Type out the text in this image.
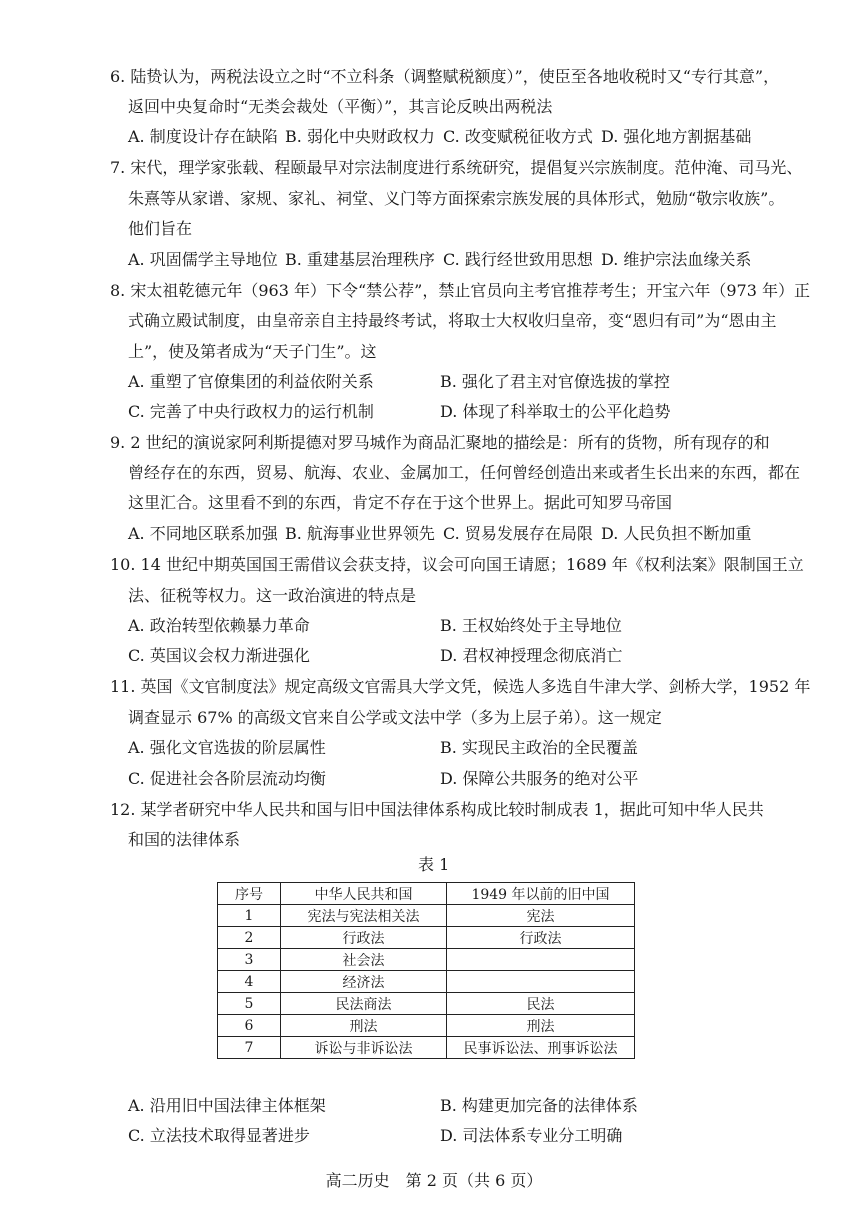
6. 陆贽认为，两税法设立之时“不立科条（调整赋税额度）”，使臣至各地收税时又“专行其意”，
返回中央复命时“无类会裁处（平衡）”，其言论反映出两税法
A. 制度设计存在缺陷 B. 弱化中央财政权力 C. 改变赋税征收方式 D. 强化地方割据基础
7. 宋代，理学家张载、程颐最早对宗法制度进行系统研究，提倡复兴宗族制度。范仲淹、司马光、
朱熹等从家谱、家规、家礼、祠堂、义门等方面探索宗族发展的具体形式，勉励“敬宗收族”。
他们旨在
A. 巩固儒学主导地位 B. 重建基层治理秩序 C. 践行经世致用思想 D. 维护宗法血缘关系
8. 宋太祖乾德元年（963 年）下令“禁公荐”，禁止官员向主考官推荐考生；开宝六年（973 年）正
式确立殿试制度，由皇帝亲自主持最终考试，将取士大权收归皇帝，变“恩归有司”为“恩由主
上”，使及第者成为“天子门生”。这
A. 重塑了官僚集团的利益依附关系	B. 强化了君主对官僚选拔的掌控
C. 完善了中央行政权力的运行机制	D. 体现了科举取士的公平化趋势
9. 2 世纪的演说家阿利斯提德对罗马城作为商品汇聚地的描绘是：所有的货物，所有现存的和
曾经存在的东西，贸易、航海、农业、金属加工，任何曾经创造出来或者生长出来的东西，都在
这里汇合。这里看不到的东西，肯定不存在于这个世界上。据此可知罗马帝国
A. 不同地区联系加强 B. 航海事业世界领先 C. 贸易发展存在局限 D. 人民负担不断加重
10. 14 世纪中期英国国王需借议会获支持，议会可向国王请愿；1689 年《权利法案》限制国王立
法、征税等权力。这一政治演进的特点是
A. 政治转型依赖暴力革命	B. 王权始终处于主导地位
C. 英国议会权力渐进强化	D. 君权神授理念彻底消亡
11. 英国《文官制度法》规定高级文官需具大学文凭，候选人多选自牛津大学、剑桥大学，1952 年
调查显示 67% 的高级文官来自公学或文法中学（多为上层子弟）。这一规定
A. 强化文官选拔的阶层属性	B. 实现民主政治的全民覆盖
C. 促进社会各阶层流动均衡	D. 保障公共服务的绝对公平
12. 某学者研究中华人民共和国与旧中国法律体系构成比较时制成表 1，据此可知中华人民共
和国的法律体系
表 1
序号	中华人民共和国	1949 年以前的旧中国
1	宪法与宪法相关法	宪法
2	行政法	行政法
3	社会法	
4	经济法	
5	民法商法	民法
6	刑法	刑法
7	诉讼与非诉讼法	民事诉讼法、刑事诉讼法
A. 沿用旧中国法律主体框架	B. 构建更加完备的法律体系
C. 立法技术取得显著进步	D. 司法体系专业分工明确
高二历史　第 2 页（共 6 页）
